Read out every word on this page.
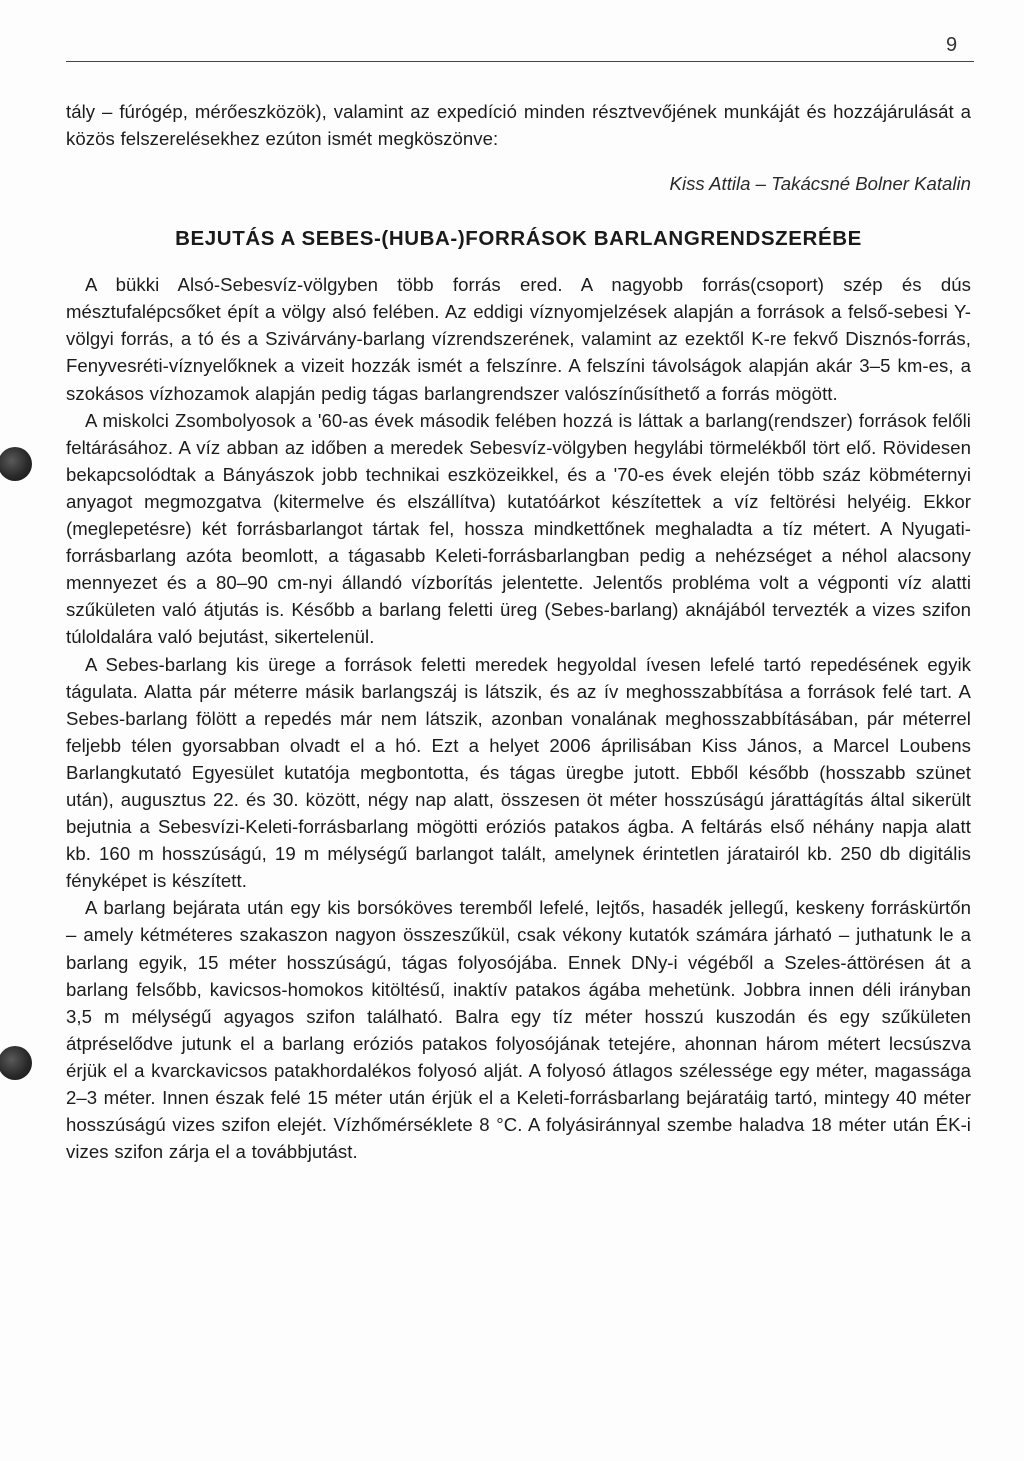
9

tály – fúrógép, mérőeszközök), valamint az expedíció minden résztvevőjének munkáját és hozzájárulását a közös felszerelésekhez ezúton ismét megköszönve:

Kiss Attila – Takácsné Bolner Katalin

BEJUTÁS A SEBES-(HUBA-)FORRÁSOK BARLANGRENDSZERÉBE

A bükki Alsó-Sebesvíz-völgyben több forrás ered. A nagyobb forrás(csoport) szép és dús mésztufalépcsőket épít a völgy alsó felében. Az eddigi víznyomjelzések alapján a források a felső-sebesi Y-völgyi forrás, a tó és a Szivárvány-barlang vízrendszerének, valamint az ezektől K-re fekvő Disznós-forrás, Fenyvesréti-víznyelőknek a vizeit hozzák ismét a felszínre. A felszíni távolságok alapján akár 3–5 km-es, a szokásos vízhozamok alapján pedig tágas barlangrendszer valószínűsíthető a forrás mögött.

A miskolci Zsombolyosok a '60-as évek második felében hozzá is láttak a barlang(rendszer) források felőli feltárásához. A víz abban az időben a meredek Sebesvíz-völgyben hegylábi törmelékből tört elő. Rövidesen bekapcsolódtak a Bányászok jobb technikai eszközeikkel, és a '70-es évek elején több száz köbméternyi anyagot megmozgatva (kitermelve és elszállítva) kutatóárkot készítettek a víz feltörési helyéig. Ekkor (meglepetésre) két forrásbarlangot tártak fel, hossza mindkettőnek meghaladta a tíz métert. A Nyugati-forrásbarlang azóta beomlott, a tágasabb Keleti-forrásbarlangban pedig a nehézséget a néhol alacsony mennyezet és a 80–90 cm-nyi állandó vízborítás jelentette. Jelentős probléma volt a végponti víz alatti szűkületen való átjutás is. Később a barlang feletti üreg (Sebes-barlang) aknájából tervezték a vizes szifon túloldalára való bejutást, sikertelenül.

A Sebes-barlang kis ürege a források feletti meredek hegyoldal ívesen lefelé tartó repedésének egyik tágulata. Alatta pár méterre másik barlangszáj is látszik, és az ív meghosszabbítása a források felé tart. A Sebes-barlang fölött a repedés már nem látszik, azonban vonalának meghosszabbításában, pár méterrel feljebb télen gyorsabban olvadt el a hó. Ezt a helyet 2006 áprilisában Kiss János, a Marcel Loubens Barlangkutató Egyesület kutatója megbontotta, és tágas üregbe jutott. Ebből később (hosszabb szünet után), augusztus 22. és 30. között, négy nap alatt, összesen öt méter hosszúságú járattágítás által sikerült bejutnia a Sebesvízi-Keleti-forrásbarlang mögötti eróziós patakos ágba. A feltárás első néhány napja alatt kb. 160 m hosszúságú, 19 m mélységű barlangot talált, amelynek érintetlen járatairól kb. 250 db digitális fényképet is készített.

A barlang bejárata után egy kis borsóköves teremből lefelé, lejtős, hasadék jellegű, keskeny forráskürtőn – amely kétméteres szakaszon nagyon összeszűkül, csak vékony kutatók számára járható – juthatunk le a barlang egyik, 15 méter hosszúságú, tágas folyosójába. Ennek DNy-i végéből a Szeles-áttörésen át a barlang felsőbb, kavicsos-homokos kitöltésű, inaktív patakos ágába mehetünk. Jobbra innen déli irányban 3,5 m mélységű agyagos szifon található. Balra egy tíz méter hosszú kuszodán és egy szűkületen átpréselődve jutunk el a barlang eróziós patakos folyosójának tetejére, ahonnan három métert lecsúszva érjük el a kvarckavicsos patakhordalékos folyosó alját. A folyosó átlagos szélessége egy méter, magassága 2–3 méter. Innen észak felé 15 méter után érjük el a Keleti-forrásbarlang bejáratáig tartó, mintegy 40 méter hosszúságú vizes szifon elejét. Vízhőmérséklete 8 °C. A folyásiránnyal szembe haladva 18 méter után ÉK-i vizes szifon zárja el a továbbjutást.
